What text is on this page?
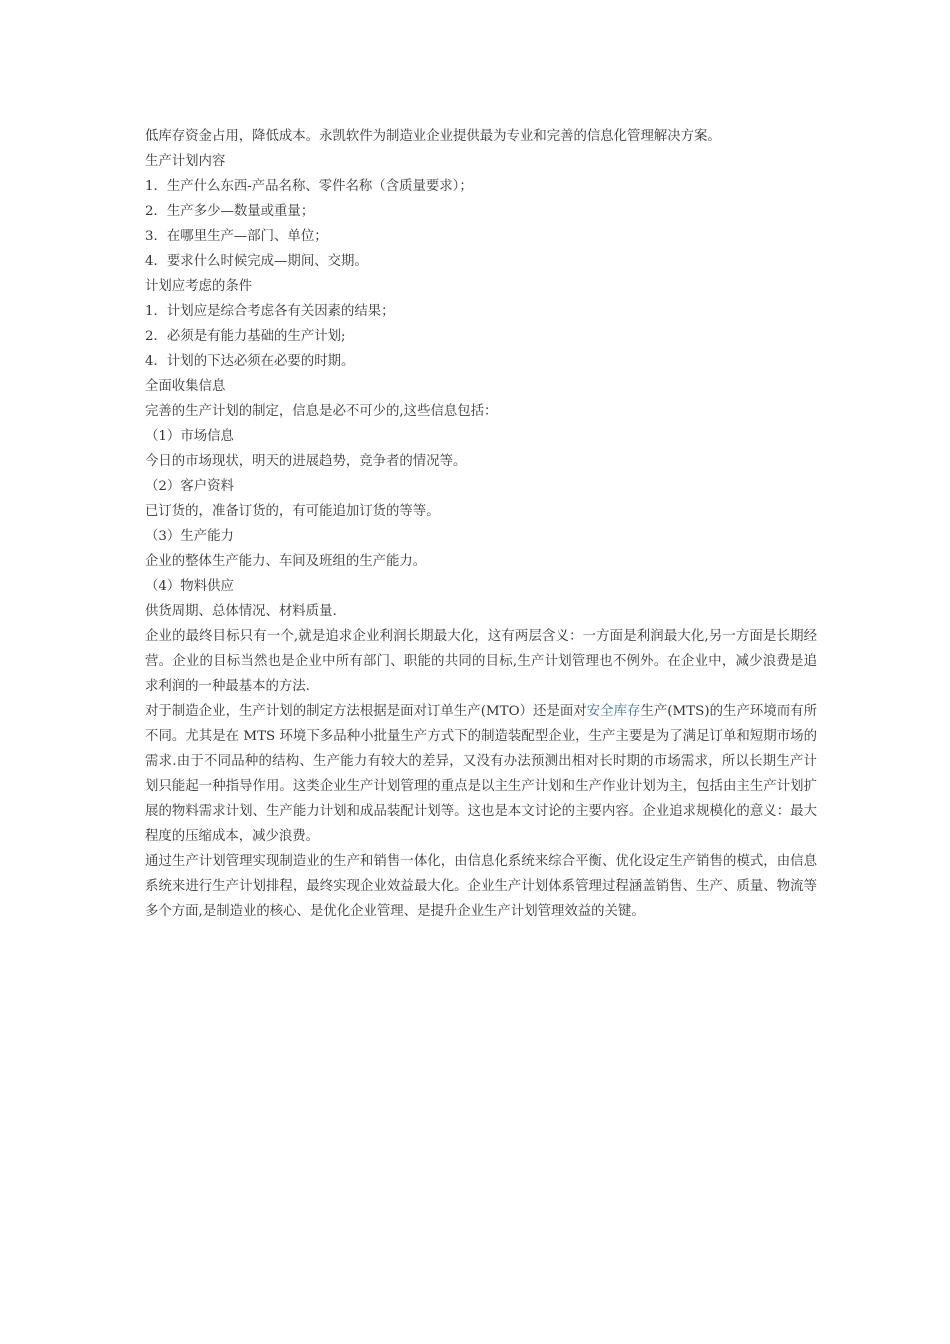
低库存资金占用，降低成本。永凯软件为制造业企业提供最为专业和完善的信息化管理解决方案。

生产计划内容

1．生产什么东西-产品名称、零件名称（含质量要求）；

2．生产多少—数量或重量；

3．在哪里生产—部门、单位；

4．要求什么时候完成—期间、交期。

计划应考虑的条件

1．计划应是综合考虑各有关因素的结果；

2．必须是有能力基础的生产计划;

4．计划的下达必须在必要的时期。

全面收集信息

完善的生产计划的制定，信息是必不可少的,这些信息包括：

（1）市场信息

今日的市场现状，明天的进展趋势，竞争者的情况等。

（2）客户资料

已订货的，准备订货的，有可能追加订货的等等。

（3）生产能力

企业的整体生产能力、车间及班组的生产能力。

（4）物料供应

供货周期、总体情况、材料质量.

企业的最终目标只有一个,就是追求企业利润长期最大化，这有两层含义：一方面是利润最大化,另一方面是长期经营。企业的目标当然也是企业中所有部门、职能的共同的目标,生产计划管理也不例外。在企业中，减少浪费是追求利润的一种最基本的方法.

对于制造企业，生产计划的制定方法根据是面对订单生产(MTO）还是面对安全库存生产(MTS)的生产环境而有所不同。尤其是在 MTS 环境下多品种小批量生产方式下的制造装配型企业，生产主要是为了满足订单和短期市场的需求.由于不同品种的结构、生产能力有较大的差异，又没有办法预测出相对长时期的市场需求，所以长期生产计划只能起一种指导作用。这类企业生产计划管理的重点是以主生产计划和生产作业计划为主，包括由主生产计划扩展的物料需求计划、生产能力计划和成品装配计划等。这也是本文讨论的主要内容。企业追求规模化的意义：最大程度的压缩成本，减少浪费。

通过生产计划管理实现制造业的生产和销售一体化，由信息化系统来综合平衡、优化设定生产销售的模式，由信息系统来进行生产计划排程，最终实现企业效益最大化。企业生产计划体系管理过程涵盖销售、生产、质量、物流等多个方面,是制造业的核心、是优化企业管理、是提升企业生产计划管理效益的关键。
